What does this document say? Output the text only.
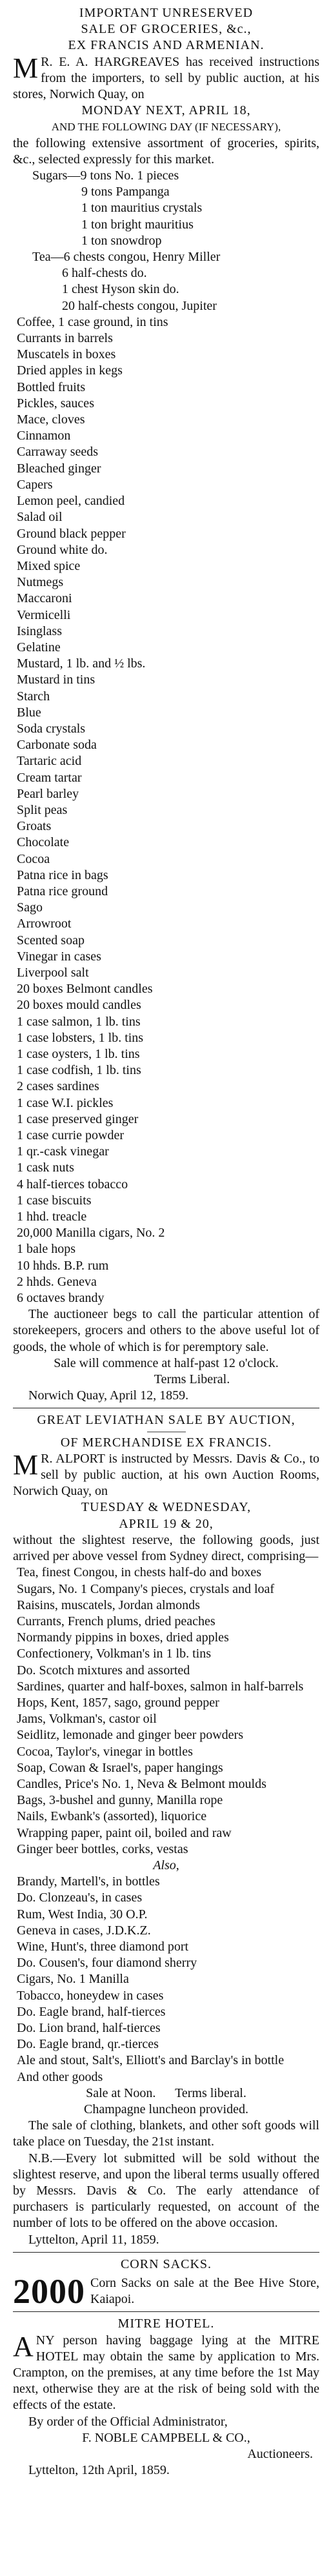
IMPORTANT UNRESERVED
SALE OF GROCERIES, &c.,
EX FRANCIS AND ARMENIAN.
M R. E. A. HARGREAVES has received instructions from the importers, to sell by public auction, at his stores, Norwich Quay, on
MONDAY NEXT, APRIL 18,
AND THE FOLLOWING DAY (IF NECESSARY),
the following extensive assortment of groceries, spirits, &c., selected expressly for this market.
Sugars—9 tons No. 1 pieces
9 tons Pampanga
1 ton mauritius crystals
1 ton bright mauritius
1 ton snowdrop
Tea—6 chests congou, Henry Miller
6 half-chests do.
1 chest Hyson skin do.
20 half-chests congou, Jupiter
Coffee, 1 case ground, in tins
Currants in barrels
Muscatels in boxes
Dried apples in kegs
Bottled fruits
Pickles, sauces
Mace, cloves
Cinnamon
Carraway seeds
Bleached ginger
Capers
Lemon peel, candied
Salad oil
Ground black pepper
Ground white do.
Mixed spice
Nutmegs
Maccaroni
Vermicelli
Isinglass
Gelatine
Mustard, 1 lb. and ½ lbs.
Mustard in tins
Starch
Blue
Soda crystals
Carbonate soda
Tartaric acid
Cream tartar
Pearl barley
Split peas
Groats
Chocolate
Cocoa
Patna rice in bags
Patna rice ground
Sago
Arrowroot
Scented soap
Vinegar in cases
Liverpool salt
20 boxes Belmont candles
20 boxes mould candles
1 case salmon, 1 lb. tins
1 case lobsters, 1 lb. tins
1 case oysters, 1 lb. tins
1 case codfish, 1 lb. tins
2 cases sardines
1 case W.I. pickles
1 case preserved ginger
1 case currie powder
1 qr.-cask vinegar
1 cask nuts
4 half-tierces tobacco
1 case biscuits
1 hhd. treacle
20,000 Manilla cigars, No. 2
1 bale hops
10 hhds. B.P. rum
2 hhds. Geneva
6 octaves brandy
The auctioneer begs to call the particular attention of storekeepers, grocers and others to the above useful lot of goods, the whole of which is for peremptory sale.
Sale will commence at half-past 12 o'clock.
Terms Liberal.
Norwich Quay, April 12, 1859.
GREAT LEVIATHAN SALE BY AUCTION,
OF MERCHANDISE EX FRANCIS.
M R. ALPORT is instructed by Messrs. Davis & Co., to sell by public auction, at his own Auction Rooms, Norwich Quay, on
TUESDAY & WEDNESDAY,
APRIL 19 & 20,
without the slightest reserve, the following goods, just arrived per above vessel from Sydney direct, comprising—
Tea, finest Congou, in chests half-do and boxes
Sugars, No. 1 Company's pieces, crystals and loaf
Raisins, muscatels, Jordan almonds
Currants, French plums, dried peaches
Normandy pippins in boxes, dried apples
Confectionery, Volkman's in 1 lb. tins
Do. Scotch mixtures and assorted
Sardines, quarter and half-boxes, salmon in half-barrels
Hops, Kent, 1857, sago, ground pepper
Jams, Volkman's, castor oil
Seidlitz, lemonade and ginger beer powders
Cocoa, Taylor's, vinegar in bottles
Soap, Cowan & Israel's, paper hangings
Candles, Price's No. 1, Neva & Belmont moulds
Bags, 3-bushel and gunny, Manilla rope
Nails, Ewbank's (assorted), liquorice
Wrapping paper, paint oil, boiled and raw
Ginger beer bottles, corks, vestas
Also,
Brandy, Martell's, in bottles
Do. Clonzeau's, in cases
Rum, West India, 30 O.P.
Geneva in cases, J.D.K.Z.
Wine, Hunt's, three diamond port
Do. Cousen's, four diamond sherry
Cigars, No. 1 Manilla
Tobacco, honeydew in cases
Do. Eagle brand, half-tierces
Do. Lion brand, half-tierces
Do. Eagle brand, qr.-tierces
Ale and stout, Salt's, Elliott's and Barclay's in bottle
And other goods
Sale at Noon.      Terms liberal.
Champagne luncheon provided.
The sale of clothing, blankets, and other soft goods will take place on Tuesday, the 21st instant.
N.B.—Every lot submitted will be sold without the slightest reserve, and upon the liberal terms usually offered by Messrs. Davis & Co. The early attendance of purchasers is particularly requested, on account of the number of lots to be offered on the above occasion.
Lyttelton, April 11, 1859.
CORN SACKS.
2000 Corn Sacks on sale at the Bee Hive Store, Kaiapoi.
MITRE HOTEL.
A NY person having baggage lying at the MITRE HOTEL may obtain the same by application to Mrs. Crampton, on the premises, at any time before the 1st May next, otherwise they are at the risk of being sold with the effects of the estate.
By order of the Official Administrator,
F. NOBLE CAMPBELL & CO.,
Auctioneers.
Lyttelton, 12th April, 1859.
